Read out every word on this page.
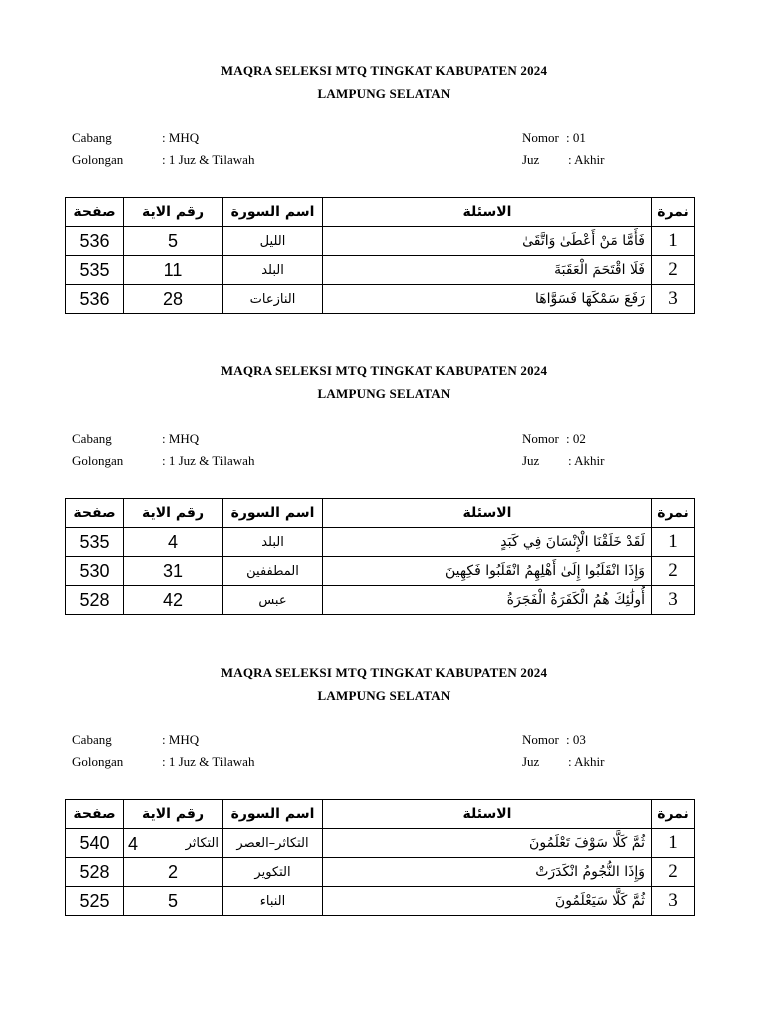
MAQRA SELEKSI MTQ TINGKAT KABUPATEN 2024
LAMPUNG SELATAN
Cabang	: MHQ	Nomor : 01
Golongan	: 1 Juz & Tilawah	Juz : Akhir
صفحة	رقم الاية	اسم السورة	الاسئلة	نمرة
536	5	الليل	فَأَمَّا مَنْ أَعْطَىٰ وَاتَّقَىٰ	1
535	11	البلد	فَلَا اقْتَحَمَ الْعَقَبَةَ	2
536	28	النازعات	رَفَعَ سَمْكَهَا فَسَوَّاهَا	3
MAQRA SELEKSI MTQ TINGKAT KABUPATEN 2024
LAMPUNG SELATAN
Cabang	: MHQ	Nomor : 02
Golongan	: 1 Juz & Tilawah	Juz : Akhir
صفحة	رقم الاية	اسم السورة	الاسئلة	نمرة
535	4	البلد	لَقَدْ خَلَقْنَا الْإِنْسَانَ فِي كَبَدٍ	1
530	31	المطففين	وَإِذَا انْقَلَبُوا إِلَىٰ أَهْلِهِمُ انْقَلَبُوا فَكِهِينَ	2
528	42	عبس	أُولَٰئِكَ هُمُ الْكَفَرَةُ الْفَجَرَةُ	3
MAQRA SELEKSI MTQ TINGKAT KABUPATEN 2024
LAMPUNG SELATAN
Cabang	: MHQ	Nomor : 03
Golongan	: 1 Juz & Tilawah	Juz : Akhir
صفحة	رقم الاية	اسم السورة	الاسئلة	نمرة
540	4 التكاثر	التكاثر–العصر	ثُمَّ كَلَّا سَوْفَ تَعْلَمُونَ	1
528	2	التكوير	وَإِذَا النُّجُومُ انْكَدَرَتْ	2
525	5	النباء	ثُمَّ كَلَّا سَيَعْلَمُونَ	3
